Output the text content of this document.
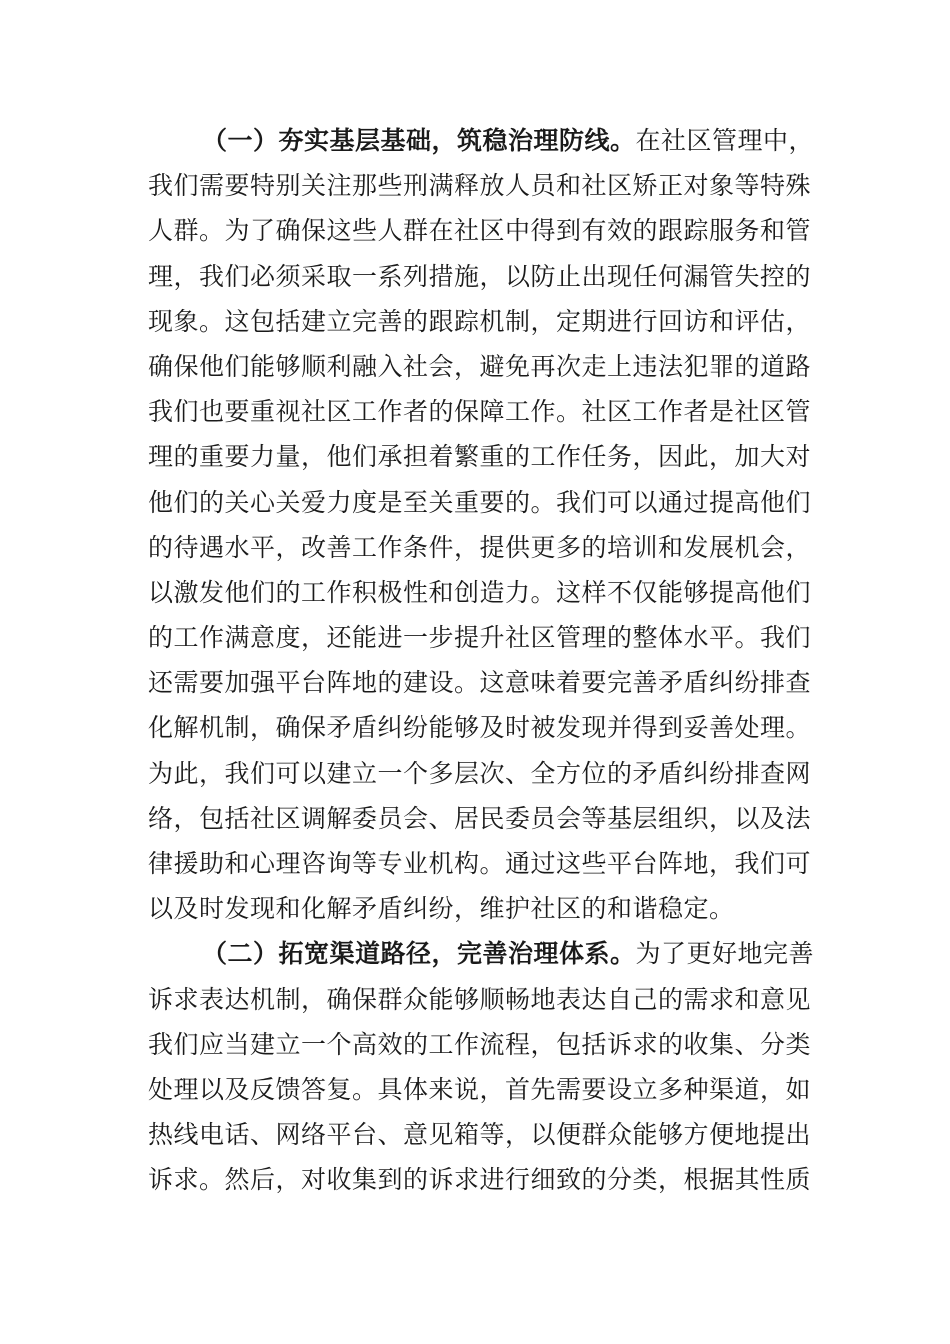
（一）夯实基层基础，筑稳治理防线。在社区管理中，
我们需要特别关注那些刑满释放人员和社区矫正对象等特殊
人群。为了确保这些人群在社区中得到有效的跟踪服务和管
理，我们必须采取一系列措施，以防止出现任何漏管失控的
现象。这包括建立完善的跟踪机制，定期进行回访和评估，
确保他们能够顺利融入社会，避免再次走上违法犯罪的道路
我们也要重视社区工作者的保障工作。社区工作者是社区管
理的重要力量，他们承担着繁重的工作任务，因此，加大对
他们的关心关爱力度是至关重要的。我们可以通过提高他们
的待遇水平，改善工作条件，提供更多的培训和发展机会，
以激发他们的工作积极性和创造力。这样不仅能够提高他们
的工作满意度，还能进一步提升社区管理的整体水平。我们
还需要加强平台阵地的建设。这意味着要完善矛盾纠纷排查
化解机制，确保矛盾纠纷能够及时被发现并得到妥善处理。
为此，我们可以建立一个多层次、全方位的矛盾纠纷排查网
络，包括社区调解委员会、居民委员会等基层组织，以及法
律援助和心理咨询等专业机构。通过这些平台阵地，我们可
以及时发现和化解矛盾纠纷，维护社区的和谐稳定。
（二）拓宽渠道路径，完善治理体系。为了更好地完善
诉求表达机制，确保群众能够顺畅地表达自己的需求和意见
我们应当建立一个高效的工作流程，包括诉求的收集、分类
处理以及反馈答复。具体来说，首先需要设立多种渠道，如
热线电话、网络平台、意见箱等，以便群众能够方便地提出
诉求。然后，对收集到的诉求进行细致的分类，根据其性质
